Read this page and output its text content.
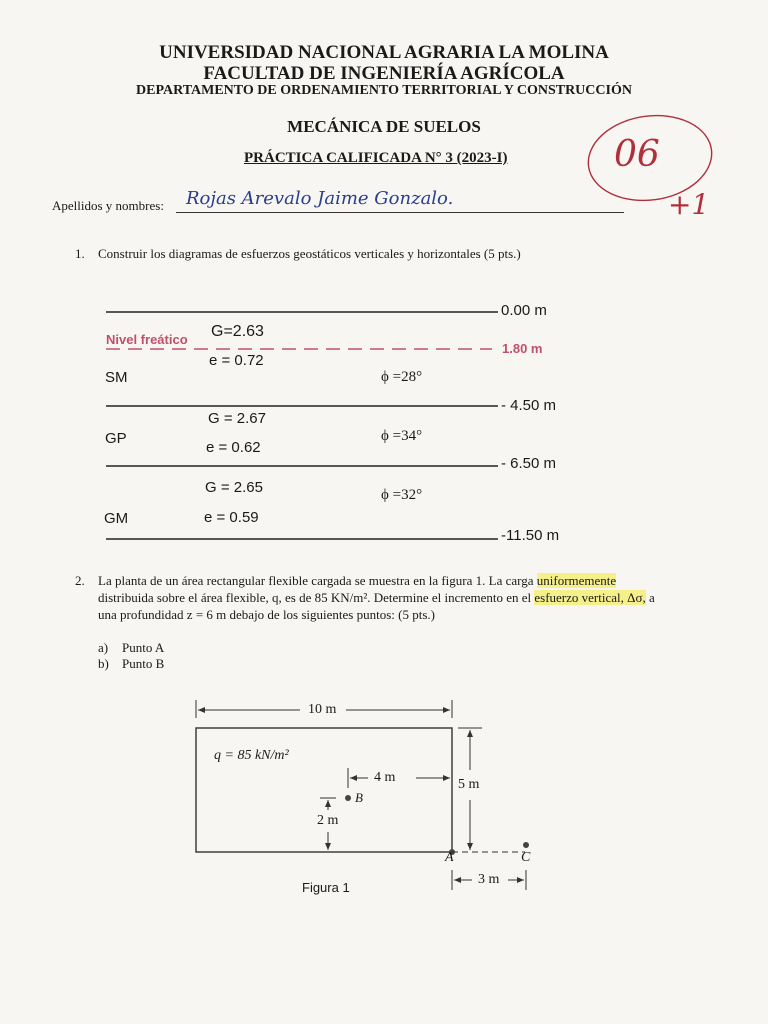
UNIVERSIDAD NACIONAL AGRARIA LA MOLINA
FACULTAD DE INGENIERÍA AGRÍCOLA
DEPARTAMENTO DE ORDENAMIENTO TERRITORIAL Y CONSTRUCCIÓN
MECÁNICA DE SUELOS
PRÁCTICA CALIFICADA N° 3 (2023-I)	06
+1
Apellidos y nombres: Rojas Arevalo Jaime Gonzalo.
1. Construir los diagramas de esfuerzos geostáticos verticales y horizontales (5 pts.)
0.00 m
1.80 m
- 4.50 m
- 6.50 m
-11.50 m
Nivel freático G=2.63
e = 0.72
SM	ϕ =28°
G = 2.67
GP	ϕ =34°
e = 0.62
G = 2.65	ϕ =32°
GM	e = 0.59
2. La planta de un área rectangular flexible cargada se muestra en la figura 1. La carga uniformemente
distribuida sobre el área flexible, q, es de 85 KN/m². Determine el incremento en el esfuerzo vertical, Δσ, a
una profundidad z = 6 m debajo de los siguientes puntos: (5 pts.)
a) Punto A
b) Punto B
10 m
q = 85 kN/m²
4 m	5 m
B
2 m
A	C
3 m
Figura 1
